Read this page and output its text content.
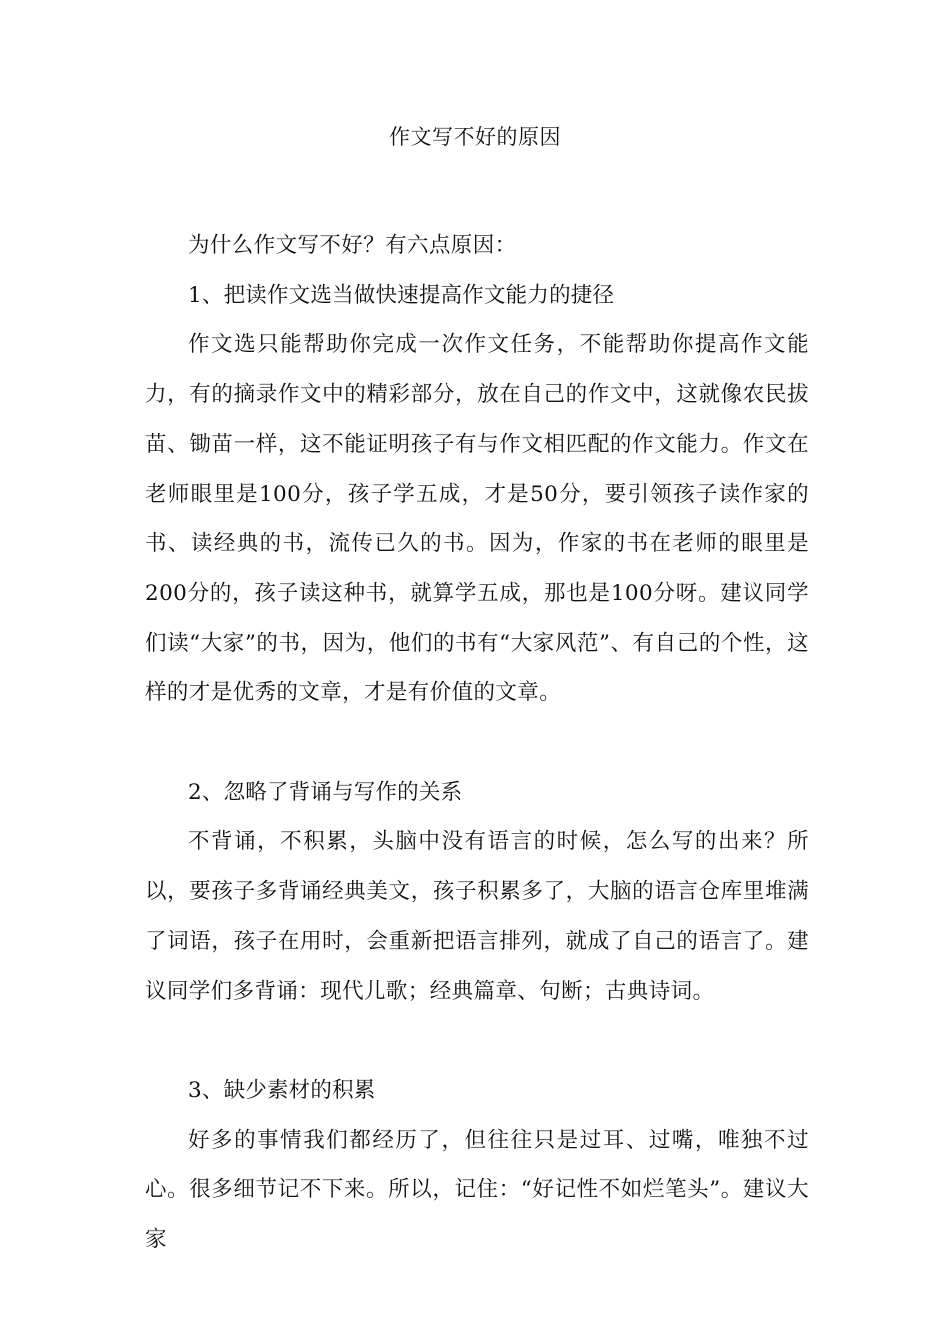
作文写不好的原因

为什么作文写不好？有六点原因：

1、把读作文选当做快速提高作文能力的捷径

作文选只能帮助你完成一次作文任务，不能帮助你提高作文能力，有的摘录作文中的精彩部分，放在自己的作文中，这就像农民拔苗、锄苗一样，这不能证明孩子有与作文相匹配的作文能力。作文在老师眼里是100分，孩子学五成，才是50分，要引领孩子读作家的书、读经典的书，流传已久的书。因为，作家的书在老师的眼里是200分的，孩子读这种书，就算学五成，那也是100分呀。建议同学们读“大家”的书，因为，他们的书有“大家风范”、有自己的个性，这样的才是优秀的文章，才是有价值的文章。

2、忽略了背诵与写作的关系

不背诵，不积累，头脑中没有语言的时候，怎么写的出来？所以，要孩子多背诵经典美文，孩子积累多了，大脑的语言仓库里堆满了词语，孩子在用时，会重新把语言排列，就成了自己的语言了。建议同学们多背诵：现代儿歌；经典篇章、句断；古典诗词。

3、缺少素材的积累

好多的事情我们都经历了，但往往只是过耳、过嘴，唯独不过心。很多细节记不下来。所以，记住：“好记性不如烂笔头”。建议大家
